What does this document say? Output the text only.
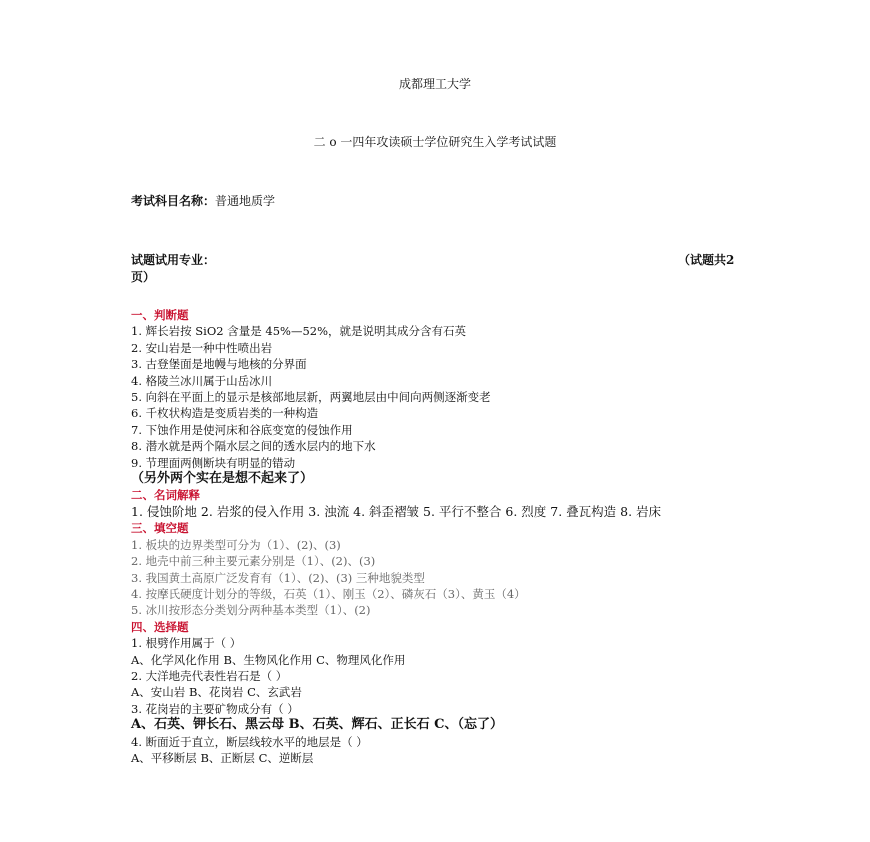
成都理工大学
二 o 一四年攻读硕士学位研究生入学考试试题
考试科目名称：普通地质学
试题试用专业：	（试题共2
页）
一、判断题
1. 辉长岩按 SiO2 含量是 45%—52%，就是说明其成分含有石英
2. 安山岩是一种中性喷出岩
3. 古登堡面是地幔与地核的分界面
4. 格陵兰冰川属于山岳冰川
5. 向斜在平面上的显示是核部地层新，两翼地层由中间向两侧逐渐变老
6. 千枚状构造是变质岩类的一种构造
7. 下蚀作用是使河床和谷底变宽的侵蚀作用
8. 潜水就是两个隔水层之间的透水层内的地下水
9. 节理面两侧断块有明显的错动
（另外两个实在是想不起来了）
二、名词解释
1. 侵蚀阶地 2. 岩浆的侵入作用 3. 浊流 4. 斜歪褶皱 5. 平行不整合 6. 烈度 7. 叠瓦构造 8. 岩床
三、填空题
1. 板块的边界类型可分为（1）、(2)、(3)
2. 地壳中前三种主要元素分别是（1）、(2)、(3)
3. 我国黄土高原广泛发育有（1）、(2)、(3) 三种地貌类型
4. 按摩氏硬度计划分的等级，石英（1）、刚玉（2）、磷灰石（3）、黄玉（4）
5. 冰川按形态分类划分两种基本类型（1）、(2)
四、选择题
1. 根劈作用属于（ ）
A、化学风化作用 B、生物风化作用 C、物理风化作用
2. 大洋地壳代表性岩石是（ ）
A、安山岩 B、花岗岩 C、玄武岩
3. 花岗岩的主要矿物成分有（ ）
A、石英、钾长石、黑云母 B、石英、辉石、正长石 C、（忘了）
4. 断面近于直立，断层线较水平的地层是（ ）
A、平移断层 B、正断层 C、逆断层
